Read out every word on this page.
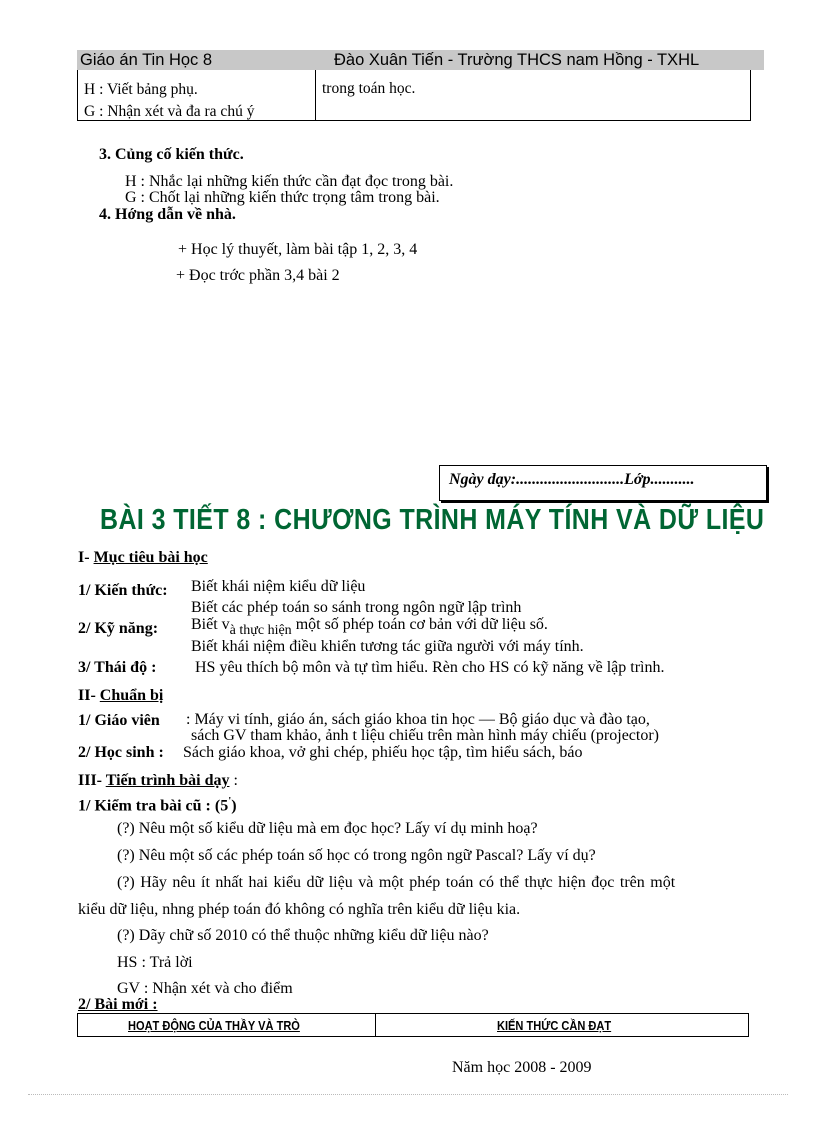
Giáo án Tin Học 8	Đào Xuân Tiến - Trường THCS nam Hồng - TXHL
H : Viết bảng phụ.
G : Nhận xét và đa ra chú ý
trong toán học.
3. Củng cố kiến thức.
H : Nhắc lại những kiến thức cần đạt đọc trong bài.
G : Chốt lại những kiến thức trọng tâm trong bài.
4. Hớng dẫn về nhà.
+ Học lý thuyết, làm bài tập 1, 2, 3, 4
+ Đọc trớc phần 3,4 bài 2
Ngày dạy:...........................Lớp...........
BÀI 3 TIẾT 8 : CHƯƠNG TRÌNH MÁY TÍNH VÀ DỮ LIỆU
I- Mục tiêu bài học
1/ Kiến thức: Biết khái niệm kiểu dữ liệu
Biết các phép toán so sánh trong ngôn ngữ lập trình
2/ Kỹ năng: Biết và thực hiện một số phép toán cơ bản với dữ liệu số.
Biết khái niệm điều khiển tương tác giữa người với máy tính.
3/ Thái độ : HS yêu thích bộ môn và tự tìm hiểu. Rèn cho HS có kỹ năng về lập trình.
II- Chuẩn bị
1/ Giáo viên : Máy vi tính, giáo án, sách giáo khoa tin học — Bộ giáo dục và đào tạo,
sách GV tham khảo, ảnh t liệu chiếu trên màn hình máy chiếu (projector)
2/ Học sinh : Sách giáo khoa, vở ghi chép, phiếu học tập, tìm hiểu sách, báo
III- Tiến trình bài dạy :
1/ Kiểm tra bài cũ : (5')
(?) Nêu một số kiểu dữ liệu mà em đọc học? Lấy ví dụ minh hoạ?
(?) Nêu một số các phép toán số học có trong ngôn ngữ Pascal? Lấy ví dụ?
(?) Hãy nêu ít nhất hai kiểu dữ liệu và một phép toán có thể thực hiện đọc trên một
kiểu dữ liệu, nhng phép toán đó không có nghĩa trên kiểu dữ liệu kia.
(?) Dãy chữ số 2010 có thể thuộc những kiểu dữ liệu nào?
HS : Trả lời
GV : Nhận xét và cho điểm
2/ Bài mới :
HOẠT ĐỘNG CỦA THẦY VÀ TRÒ	KIẾN THỨC CẦN ĐẠT
Năm học 2008 - 2009
